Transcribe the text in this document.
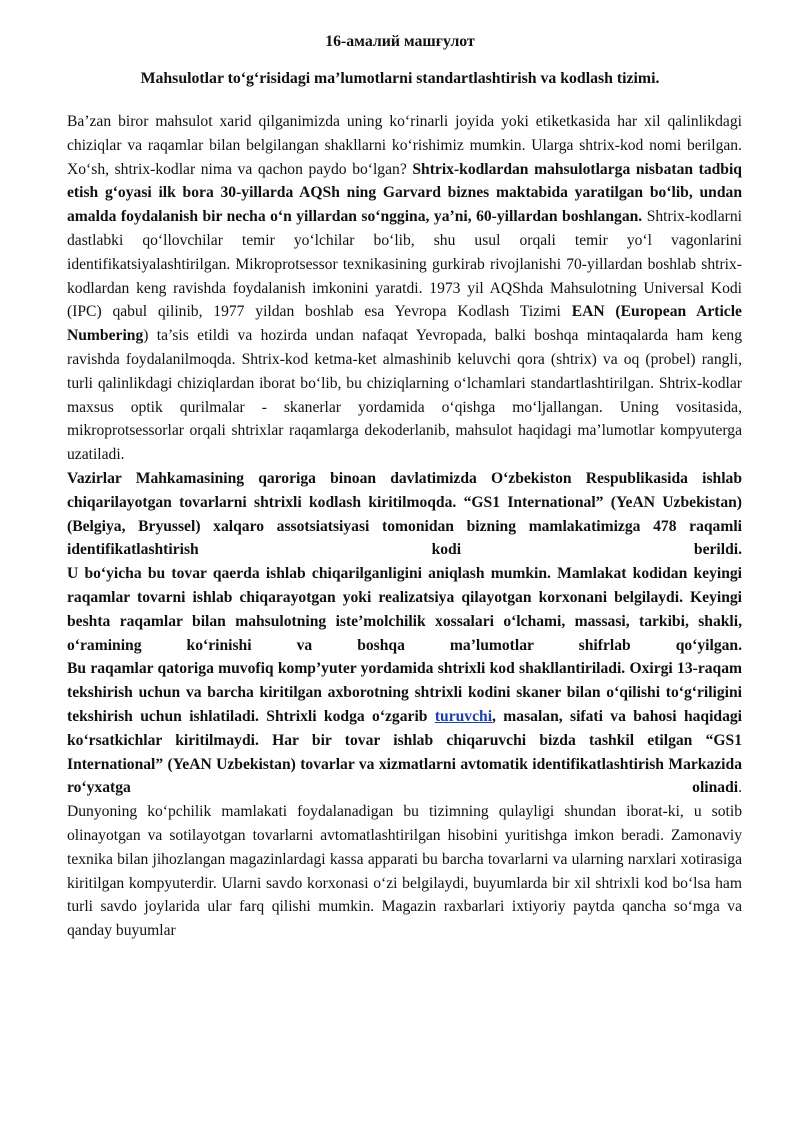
16-амалий машғулот

Mahsulotlar to‘g‘risidagi ma’lumotlarni standartlashtirish va kodlash tizimi.

Ba’zan biror mahsulot xarid qilganimizda uning ko‘rinarli joyida yoki etiketkasida har xil qalinlikdagi chiziqlar va raqamlar bilan belgilangan shakllarni ko‘rishimiz mumkin. Ularga shtrix-kod nomi berilgan. Xo‘sh, shtrix-kodlar nima va qachon paydo bo‘lgan? Shtrix-kodlardan mahsulotlarga nisbatan tadbiq etish g‘oyasi ilk bora 30-yillarda AQSh ning Garvard biznes maktabida yaratilgan bo‘lib, undan amalda foydalanish bir necha o‘n yillardan so‘nggina, ya’ni, 60-yillardan boshlangan. Shtrix-kodlarni dastlabki qo‘llovchilar temir yo‘lchilar bo‘lib, shu usul orqali temir yo‘l vagonlarini identifikatsiyalashtirilgan. Mikroprotsessor texnikasining gurkirab rivojlanishi 70-yillardan boshlab shtrix-kodlardan keng ravishda foydalanish imkonini yaratdi. 1973 yil AQShda Mahsulotning Universal Kodi (IPC) qabul qilinib, 1977 yildan boshlab esa Yevropa Kodlash Tizimi EAN (European Article Numbering) ta’sis etildi va hozirda undan nafaqat Yevropada, balki boshqa mintaqalarda ham keng ravishda foydalanilmoqda. Shtrix-kod ketma-ket almashinib keluvchi qora (shtrix) va oq (probel) rangli, turli qalinlikdagi chiziqlardan iborat bo‘lib, bu chiziqlarning o‘lchamlari standartlashtirilgan. Shtrix-kodlar maxsus optik qurilmalar - skanerlar yordamida o‘qishga mo‘ljallangan. Uning vositasida, mikroprotsessorlar orqali shtrixlar raqamlarga dekoderlanib, mahsulot haqidagi ma’lumotlar kompyuterga uzatiladi.

Vazirlar Mahkamasining qaroriga binoan davlatimizda O‘zbekiston Respublikasida ishlab chiqarilayotgan tovarlarni shtrixli kodlash kiritilmoqda. “GS1 International” (YeAN Uzbekistan) (Belgiya, Bryussel) xalqaro assotsiatsiyasi tomonidan bizning mamlakatimizga 478 raqamli identifikatlashtirish kodi berildi.

U bo‘yicha bu tovar qaerda ishlab chiqarilganligini aniqlash mumkin. Mamlakat kodidan keyingi raqamlar tovarni ishlab chiqarayotgan yoki realizatsiya qilayotgan korxonani belgilaydi. Keyingi beshta raqamlar bilan mahsulotning iste’molchilik xossalari o‘lchami, massasi, tarkibi, shakli, o‘ramining ko‘rinishi va boshqa ma’lumotlar shifrlab qo‘yilgan.

Bu raqamlar qatoriga muvofiq komp’yuter yordamida shtrixli kod shakllantiriladi. Oxirgi 13-raqam tekshirish uchun va barcha kiritilgan axborotning shtrixli kodini skaner bilan o‘qilishi to‘g‘riligini tekshirish uchun ishlatiladi. Shtrixli kodga o‘zgarib turuvchi, masalan, sifati va bahosi haqidagi ko‘rsatkichlar kiritilmaydi. Har bir tovar ishlab chiqaruvchi bizda tashkil etilgan “GS1 International” (YeAN Uzbekistan) tovarlar va xizmatlarni avtomatik identifikatlashtirish Markazida ro‘yxatga olinadi.

Dunyoning ko‘pchilik mamlakati foydalanadigan bu tizimning qulayligi shundan iborat-ki, u sotib olinayotgan va sotilayotgan tovarlarni avtomatlashtirilgan hisobini yuritishga imkon beradi. Zamonaviy texnika bilan jihozlangan magazinlardagi kassa apparati bu barcha tovarlarni va ularning narxlari xotirasiga kiritilgan kompyuterdir. Ularni savdo korxonasi o‘zi belgilaydi, buyumlarda bir xil shtrixli kod bo‘lsa ham turli savdo joylarida ular farq qilishi mumkin. Magazin raxbarlari ixtiyoriy paytda qancha so‘mga va qanday buyumlar
